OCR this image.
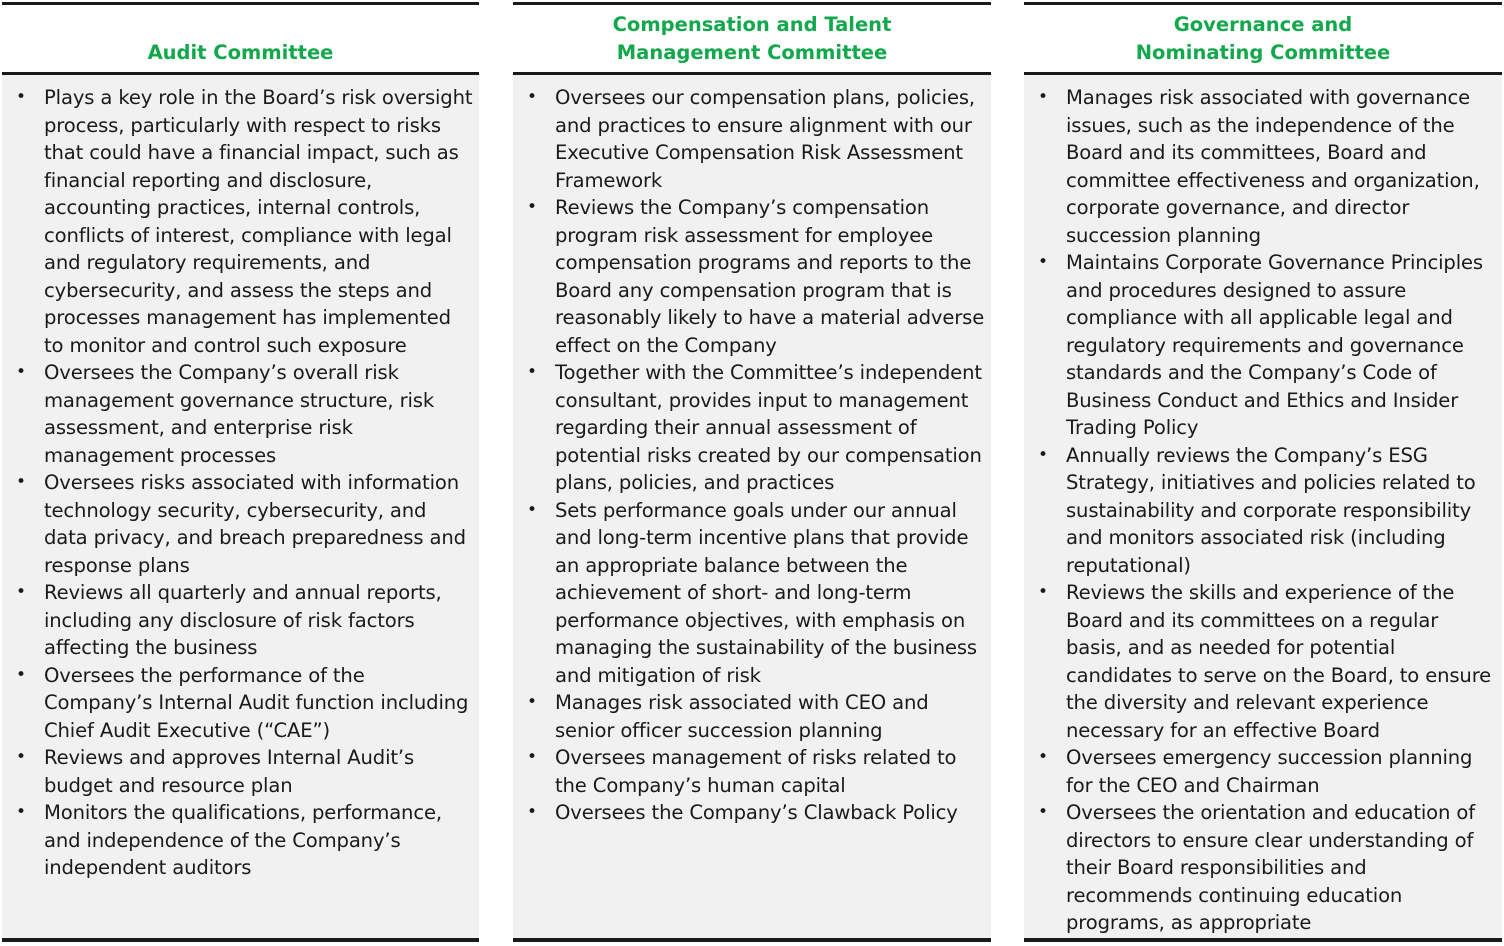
Audit Committee
• Plays a key role in the Board’s risk oversight process, particularly with respect to risks that could have a financial impact, such as financial reporting and disclosure, accounting practices, internal controls, conflicts of interest, compliance with legal and regulatory requirements, and cybersecurity, and assess the steps and processes management has implemented to monitor and control such exposure
• Oversees the Company’s overall risk management governance structure, risk assessment, and enterprise risk management processes
• Oversees risks associated with information technology security, cybersecurity, and data privacy, and breach preparedness and response plans
• Reviews all quarterly and annual reports, including any disclosure of risk factors affecting the business
• Oversees the performance of the Company’s Internal Audit function including Chief Audit Executive (“CAE”)
• Reviews and approves Internal Audit’s budget and resource plan
• Monitors the qualifications, performance, and independence of the Company’s independent auditors
Compensation and Talent
Management Committee
• Oversees our compensation plans, policies, and practices to ensure alignment with our Executive Compensation Risk Assessment Framework
• Reviews the Company’s compensation program risk assessment for employee compensation programs and reports to the Board any compensation program that is reasonably likely to have a material adverse effect on the Company
• Together with the Committee’s independent consultant, provides input to management regarding their annual assessment of potential risks created by our compensation plans, policies, and practices
• Sets performance goals under our annual and long-term incentive plans that provide an appropriate balance between the achievement of short- and long-term performance objectives, with emphasis on managing the sustainability of the business and mitigation of risk
• Manages risk associated with CEO and senior officer succession planning
• Oversees management of risks related to the Company’s human capital
• Oversees the Company’s Clawback Policy
Governance and
Nominating Committee
• Manages risk associated with governance issues, such as the independence of the Board and its committees, Board and committee effectiveness and organization, corporate governance, and director succession planning
• Maintains Corporate Governance Principles and procedures designed to assure compliance with all applicable legal and regulatory requirements and governance standards and the Company’s Code of Business Conduct and Ethics and Insider Trading Policy
• Annually reviews the Company’s ESG Strategy, initiatives and policies related to sustainability and corporate responsibility and monitors associated risk (including reputational)
• Reviews the skills and experience of the Board and its committees on a regular basis, and as needed for potential candidates to serve on the Board, to ensure the diversity and relevant experience necessary for an effective Board
• Oversees emergency succession planning for the CEO and Chairman
• Oversees the orientation and education of directors to ensure clear understanding of their Board responsibilities and recommends continuing education programs, as appropriate
